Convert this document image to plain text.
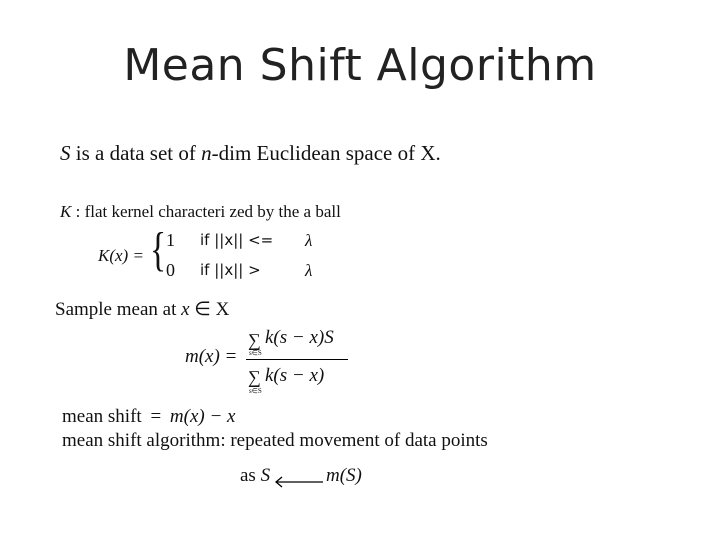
Mean Shift Algorithm
S is a data set of n-dim Euclidean space of X.
K : flat kernel characteri zed by the a ball
K(x) = { 1 if ||x|| <= λ
0 if ||x|| >	λ
Sample mean at x ∈ X
m(x) =
∑
s∈S
k(s − x)S
∑
s∈S
k(s − x)
mean shift = m(x) − x
mean shift algorithm: repeated movement of data points
as S	m(S)
